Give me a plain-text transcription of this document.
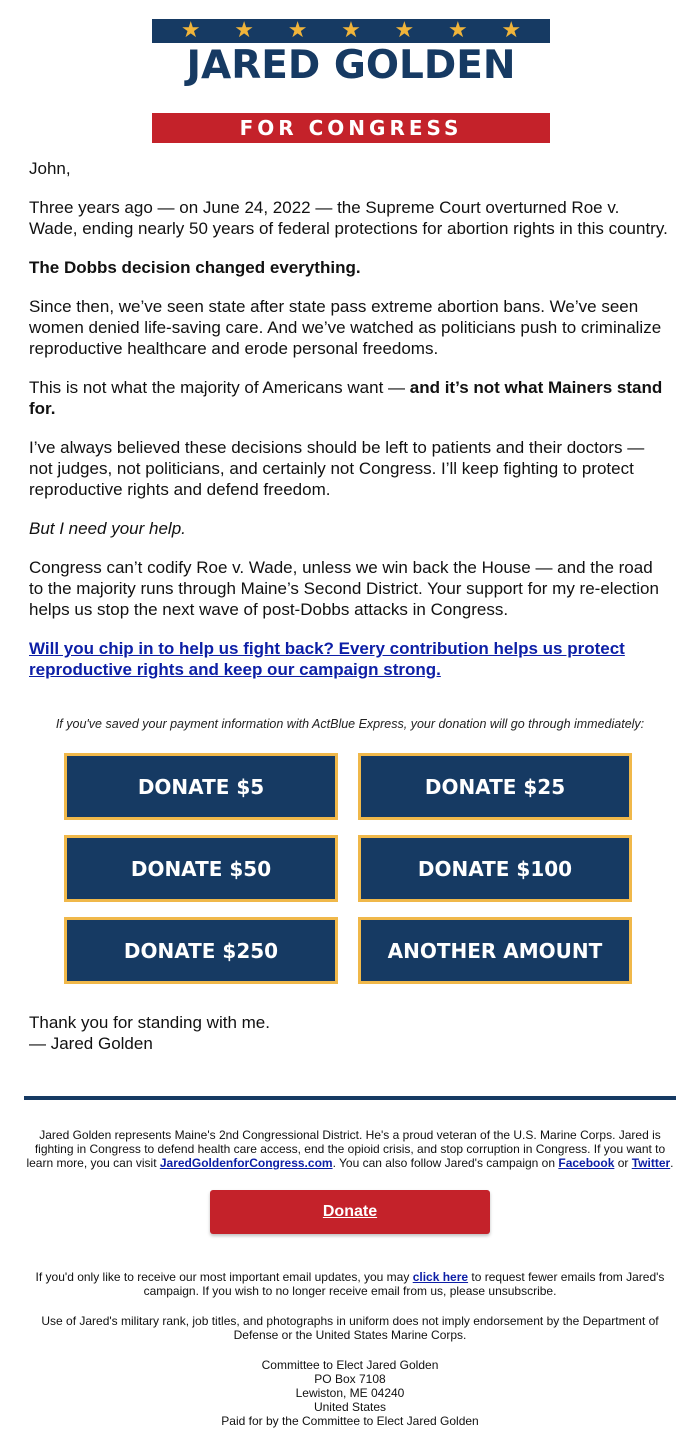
★ ★ ★ ★ ★ ★ ★
JARED GOLDEN
FOR CONGRESS

John,

Three years ago — on June 24, 2022 — the Supreme Court overturned Roe v. Wade, ending nearly 50 years of federal protections for abortion rights in this country.

The Dobbs decision changed everything.

Since then, we’ve seen state after state pass extreme abortion bans. We’ve seen women denied life-saving care. And we’ve watched as politicians push to criminalize reproductive healthcare and erode personal freedoms.

This is not what the majority of Americans want — and it’s not what Mainers stand for.

I’ve always believed these decisions should be left to patients and their doctors — not judges, not politicians, and certainly not Congress. I’ll keep fighting to protect reproductive rights and defend freedom.

But I need your help.

Congress can’t codify Roe v. Wade, unless we win back the House — and the road to the majority runs through Maine’s Second District. Your support for my re-election helps us stop the next wave of post-Dobbs attacks in Congress.

Will you chip in to help us fight back? Every contribution helps us protect reproductive rights and keep our campaign strong.

If you've saved your payment information with ActBlue Express, your donation will go through immediately:
DONATE $5	DONATE $25
DONATE $50	DONATE $100
DONATE $250	ANOTHER AMOUNT
Thank you for standing with me.
— Jared Golden
Jared Golden represents Maine's 2nd Congressional District. He's a proud veteran of the U.S. Marine Corps. Jared is fighting in Congress to defend health care access, end the opioid crisis, and stop corruption in Congress. If you want to learn more, you can visit JaredGoldenforCongress.com. You can also follow Jared's campaign on Facebook or Twitter.
Donate
If you'd only like to receive our most important email updates, you may click here to request fewer emails from Jared's campaign. If you wish to no longer receive email from us, please unsubscribe.
Use of Jared's military rank, job titles, and photographs in uniform does not imply endorsement by the Department of Defense or the United States Marine Corps.
Committee to Elect Jared Golden
PO Box 7108
Lewiston, ME 04240
United States
Paid for by the Committee to Elect Jared Golden
